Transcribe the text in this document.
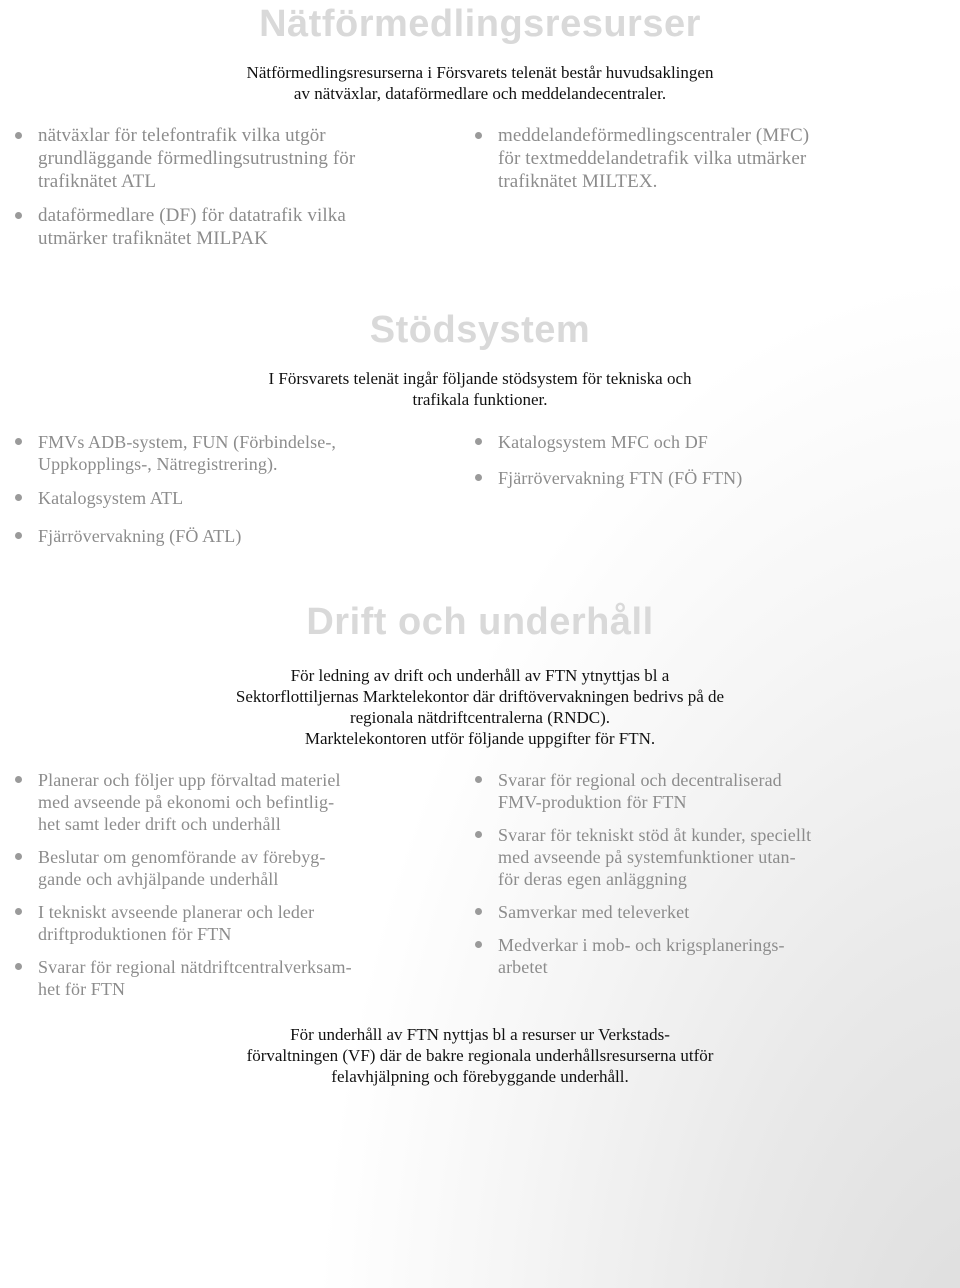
Nätförmedlingsresurser
Nätförmedlingsresurserna i Försvarets telenät består huvudsaklingen
av nätväxlar, dataförmedlare och meddelandecentraler.
nätväxlar för telefontrafik vilka utgör
grundläggande förmedlingsutrustning för
trafiknätet ATL
dataförmedlare (DF) för datatrafik vilka
utmärker trafiknätet MILPAK
meddelandeförmedlingscentraler (MFC)
för textmeddelandetrafik vilka utmärker
trafiknätet MILTEX.
Stödsystem
I Försvarets telenät ingår följande stödsystem för tekniska och
trafikala funktioner.
FMVs ADB-system, FUN (Förbindelse-,
Uppkopplings-, Nätregistrering).
Katalogsystem ATL
Fjärrövervakning (FÖ ATL)
Katalogsystem MFC och DF
Fjärrövervakning FTN (FÖ FTN)
Drift och underhåll
För ledning av drift och underhåll av FTN ytnyttjas bl a
Sektorflottiljernas Marktelekontor där driftövervakningen bedrivs på de
regionala nätdriftcentralerna (RNDC).
Marktelekontoren utför följande uppgifter för FTN.
Planerar och följer upp förvaltad materiel
med avseende på ekonomi och befintlig-
het samt leder drift och underhåll
Beslutar om genomförande av förebyg-
gande och avhjälpande underhåll
I tekniskt avseende planerar och leder
driftproduktionen för FTN
Svarar för regional nätdriftcentralverksam-
het för FTN
Svarar för regional och decentraliserad
FMV-produktion för FTN
Svarar för tekniskt stöd åt kunder, speciellt
med avseende på systemfunktioner utan-
för deras egen anläggning
Samverkar med televerket
Medverkar i mob- och krigsplanerings-
arbetet
För underhåll av FTN nyttjas bl a resurser ur Verkstads-
förvaltningen (VF) där de bakre regionala underhållsresurserna utför
felavhjälpning och förebyggande underhåll.
